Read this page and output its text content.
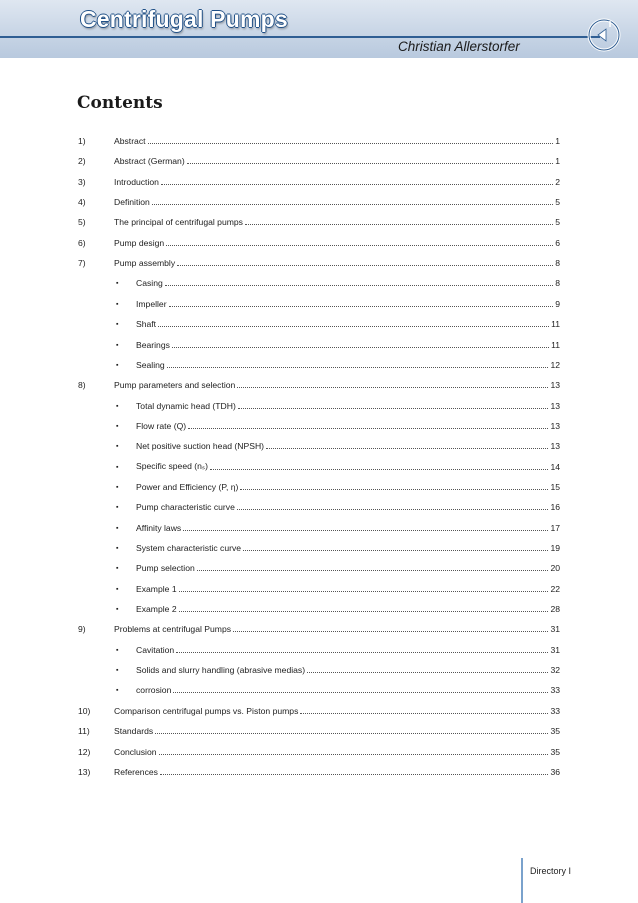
Centrifugal Pumps
Christian Allerstorfer
Contents
1)	Abstract	1
2)	Abstract (German)	1
3)	Introduction	2
4)	Definition	5
5)	The principal of centrifugal pumps	5
6)	Pump design	6
7)	Pump assembly	8
▪ Casing	8
▪ Impeller	9
▪ Shaft	11
▪ Bearings	11
▪ Sealing	12
8)	Pump parameters and selection	13
▪ Total dynamic head (TDH)	13
▪ Flow rate (Q)	13
▪ Net positive suction head (NPSH)	13
▪ Specific speed (nₛ)	14
▪ Power and Efficiency (P, η)	15
▪ Pump characteristic curve	16
▪ Affinity laws	17
▪ System characteristic curve	19
▪ Pump selection	20
▪ Example 1	22
▪ Example 2	28
9)	Problems at centrifugal Pumps	31
▪ Cavitation	31
▪ Solids and slurry handling (abrasive medias)	32
▪ corrosion	33
10)	Comparison centrifugal pumps vs. Piston pumps	33
11)	Standards	35
12)	Conclusion	35
13)	References	36
Directory I
